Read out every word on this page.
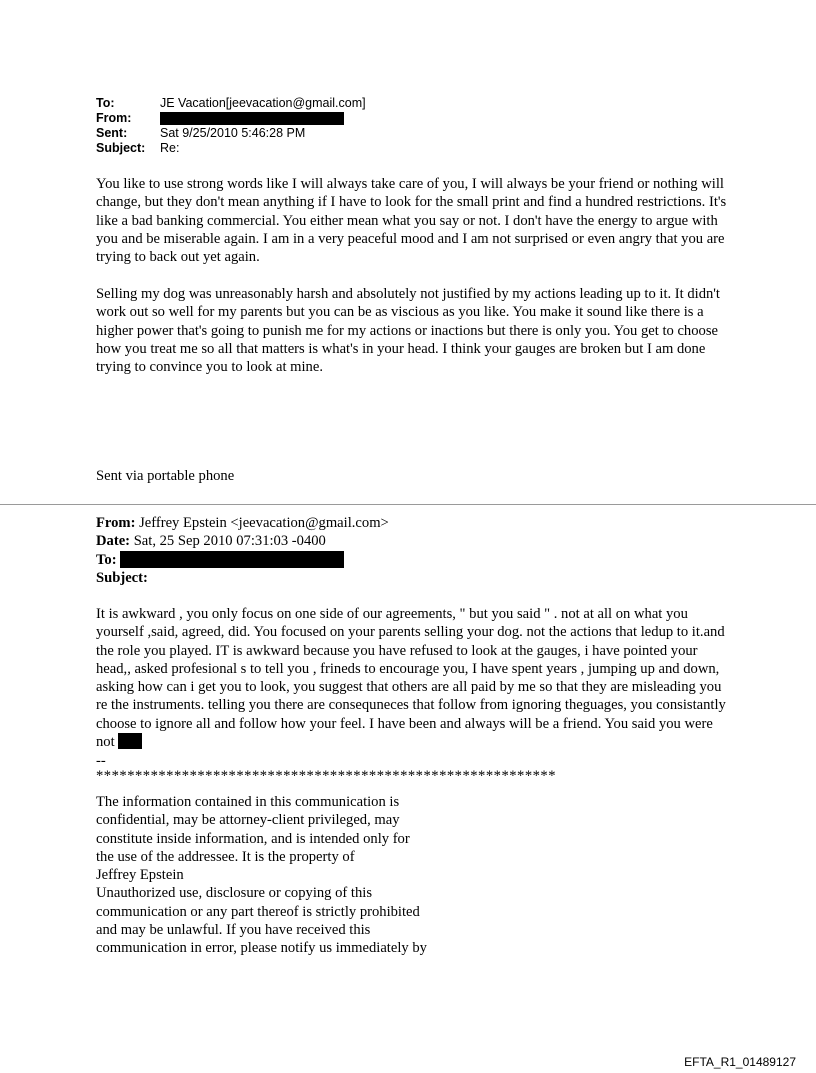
To:	JE Vacation[jeevacation@gmail.com]
From:
Sent:	Sat 9/25/2010 5:46:28 PM
Subject:	Re:

You like to use strong words like I will always take care of you, I will always be your friend or nothing will change, but they don't mean anything if I have to look for the small print and find a hundred restrictions. It's like a bad banking commercial. You either mean what you say or not. I don't have the energy to argue with you and be miserable again. I am in a very peaceful mood and I am not surprised or even angry that you are trying to back out yet again.

Selling my dog was unreasonably harsh and absolutely not justified by my actions leading up to it. It didn't work out so well for my parents but you can be as viscious as you like. You make it sound like there is a higher power that's going to punish me for my actions or inactions but there is only you. You get to choose how you treat me so all that matters is what's in your head. I think your gauges are broken but I am done trying to convince you to look at mine.

Sent via portable phone
From: Jeffrey Epstein <jeevacation@gmail.com>
Date: Sat, 25 Sep 2010 07:31:03 -0400
To:
Subject:

It is awkward , you only focus on one side of our agreements, " but you said " . not at all on what you yourself ,said, agreed, did. You focused on your parents selling your dog. not the actions that ledup to it.and the role you played. IT is awkward because you have refused to look at the gauges, i have pointed your head,, asked profesional s to tell you , frineds to encourage you, I have spent years , jumping up and down, asking how can i get you to look, you suggest that others are all paid by me so that they are misleading you re the instruments. telling you there are consequneces that follow from ignoring theguages, you consistantly choose to ignore all and follow how your feel. I have been and always will be a friend. You said you were not

--
***********************************************************
The information contained in this communication is
confidential, may be attorney-client privileged, may
constitute inside information, and is intended only for
the use of the addressee. It is the property of
Jeffrey Epstein
Unauthorized use, disclosure or copying of this
communication or any part thereof is strictly prohibited
and may be unlawful. If you have received this
communication in error, please notify us immediately by
EFTA_R1_01489127
